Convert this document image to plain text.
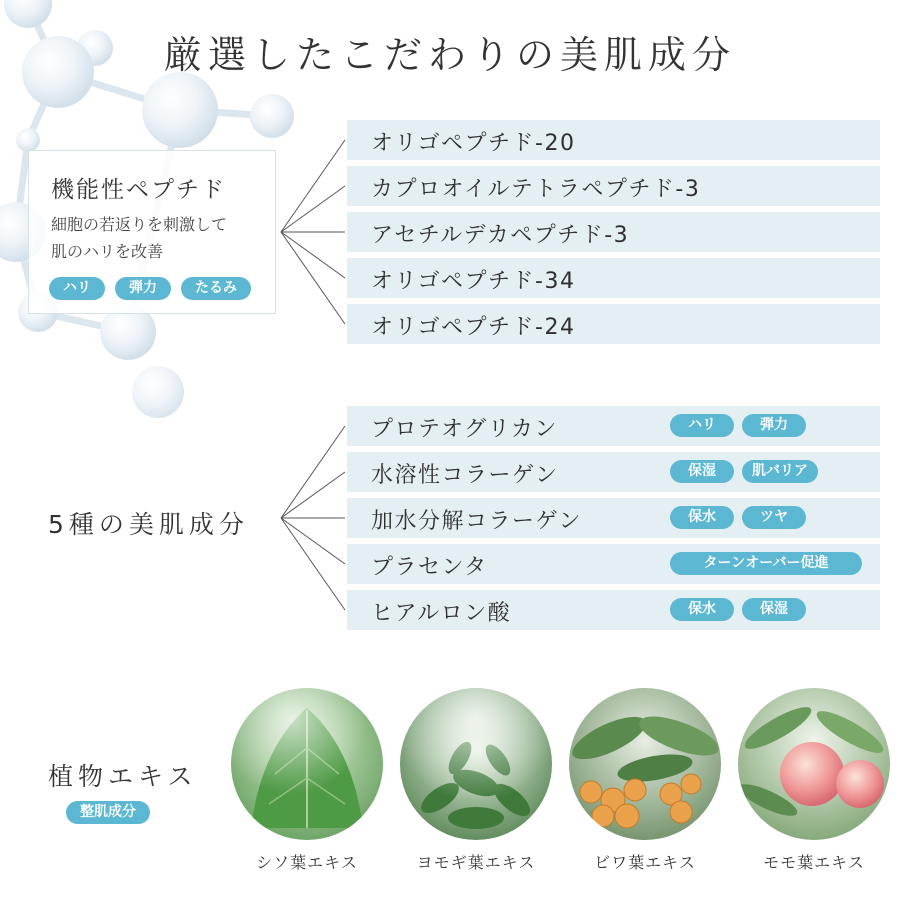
厳選したこだわりの美肌成分
機能性ペプチド
細胞の若返りを刺激して
肌のハリを改善
ハリ	弾力	たるみ
オリゴペプチド-20
カプロオイルテトラペプチド-3
アセチルデカペプチド-3
オリゴペプチド-34
オリゴペプチド-24
5種の美肌成分
プロテオグリカン	ハリ	弾力
水溶性コラーゲン	保湿	肌バリア
加水分解コラーゲン	保水	ツヤ
プラセンタ	ターンオーバー促進
ヒアルロン酸	保水	保湿
植物エキス
整肌成分
シソ葉エキス	ヨモギ葉エキス	ビワ葉エキス	モモ葉エキス
